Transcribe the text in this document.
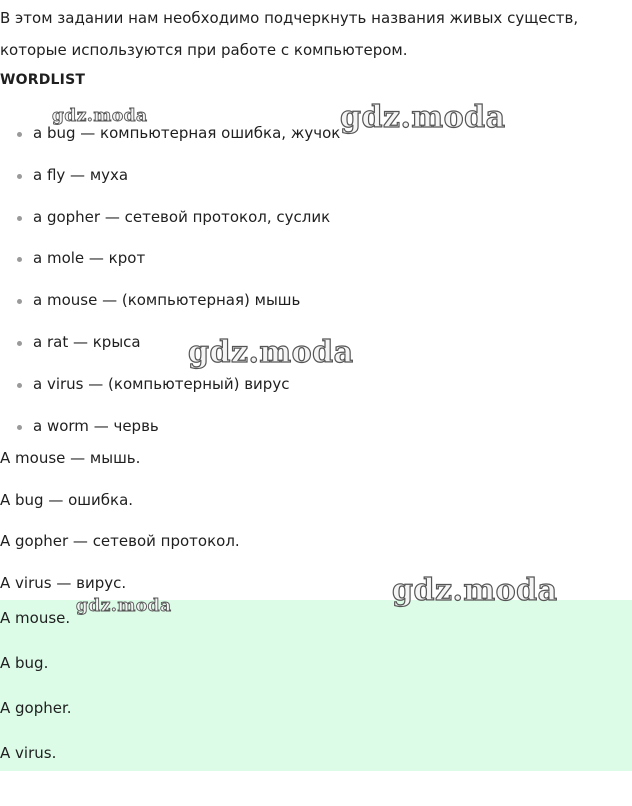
В этом задании нам необходимо подчеркнуть названия живых существ,
которые используются при работе с компьютером.

WORDLIST

a bug — компьютерная ошибка, жучок
a fly — муха
a gopher — сетевой протокол, суслик
a mole — крот
a mouse — (компьютерная) мышь
a rat — крыса
a virus — (компьютерный) вирус
a worm — червь

A mouse — мышь.

A bug — ошибка.

A gopher — сетевой протокол.

A virus — вирус.

A mouse.

A bug.

A gopher.

A virus.

gdz.moda	gdz.moda
gdz.moda
gdz.moda
gdz.moda
